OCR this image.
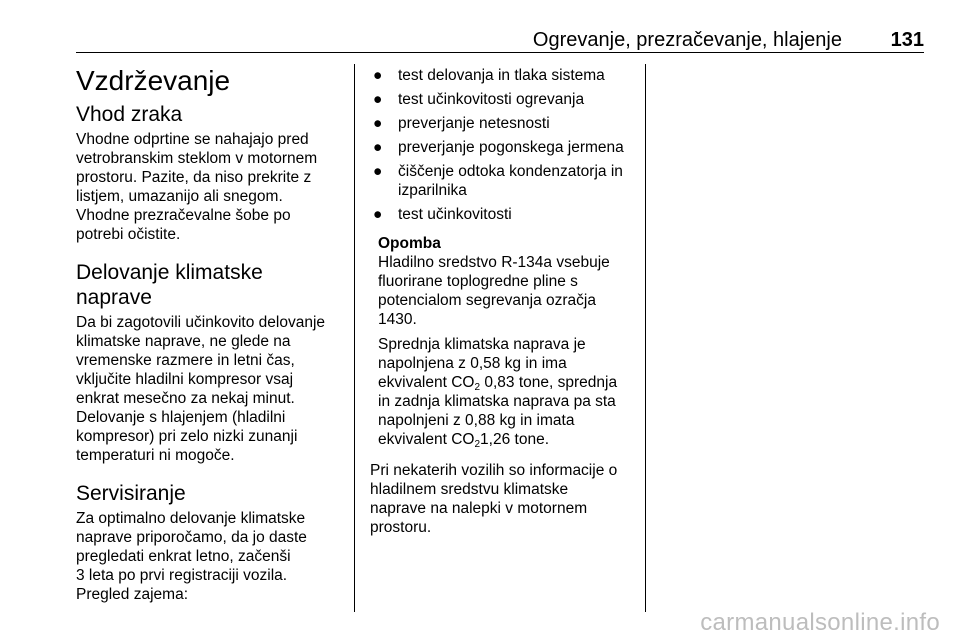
Ogrevanje, prezračevanje, hlajenje 131
Vzdrževanje
Vhod zraka
Vhodne odprtine se nahajajo pred
vetrobranskim steklom v motornem
prostoru. Pazite, da niso prekrite z
listjem, umazanijo ali snegom.
Vhodne prezračevalne šobe po
potrebi očistite.
Delovanje klimatske
naprave
Da bi zagotovili učinkovito delovanje
klimatske naprave, ne glede na
vremenske razmere in letni čas,
vključite hladilni kompresor vsaj
enkrat mesečno za nekaj minut.
Delovanje s hlajenjem (hladilni
kompresor) pri zelo nizki zunanji
temperaturi ni mogoče.
Servisiranje
Za optimalno delovanje klimatske
naprave priporočamo, da jo daste
pregledati enkrat letno, začenši
3 leta po prvi registraciji vozila.
Pregled zajema:
● test delovanja in tlaka sistema
● test učinkovitosti ogrevanja
● preverjanje netesnosti
● preverjanje pogonskega jermena
● čiščenje odtoka kondenzatorja in
izparilnika
● test učinkovitosti
Opomba
Hladilno sredstvo R-134a vsebuje
fluorirane toplogredne pline s
potencialom segrevanja ozračja
1430.
Sprednja klimatska naprava je
napolnjena z 0,58 kg in ima
ekvivalent $CO_2$ 0,83 tone, sprednja
in zadnja klimatska naprava pa sta
napolnjeni z 0,88 kg in imata
ekvivalent $CO_21,26$ tone.
Pri nekaterih vozilih so informacije o
hladilnem sredstvu klimatske
naprave na nalepki v motornem
prostoru.
carmanualsonline.info
